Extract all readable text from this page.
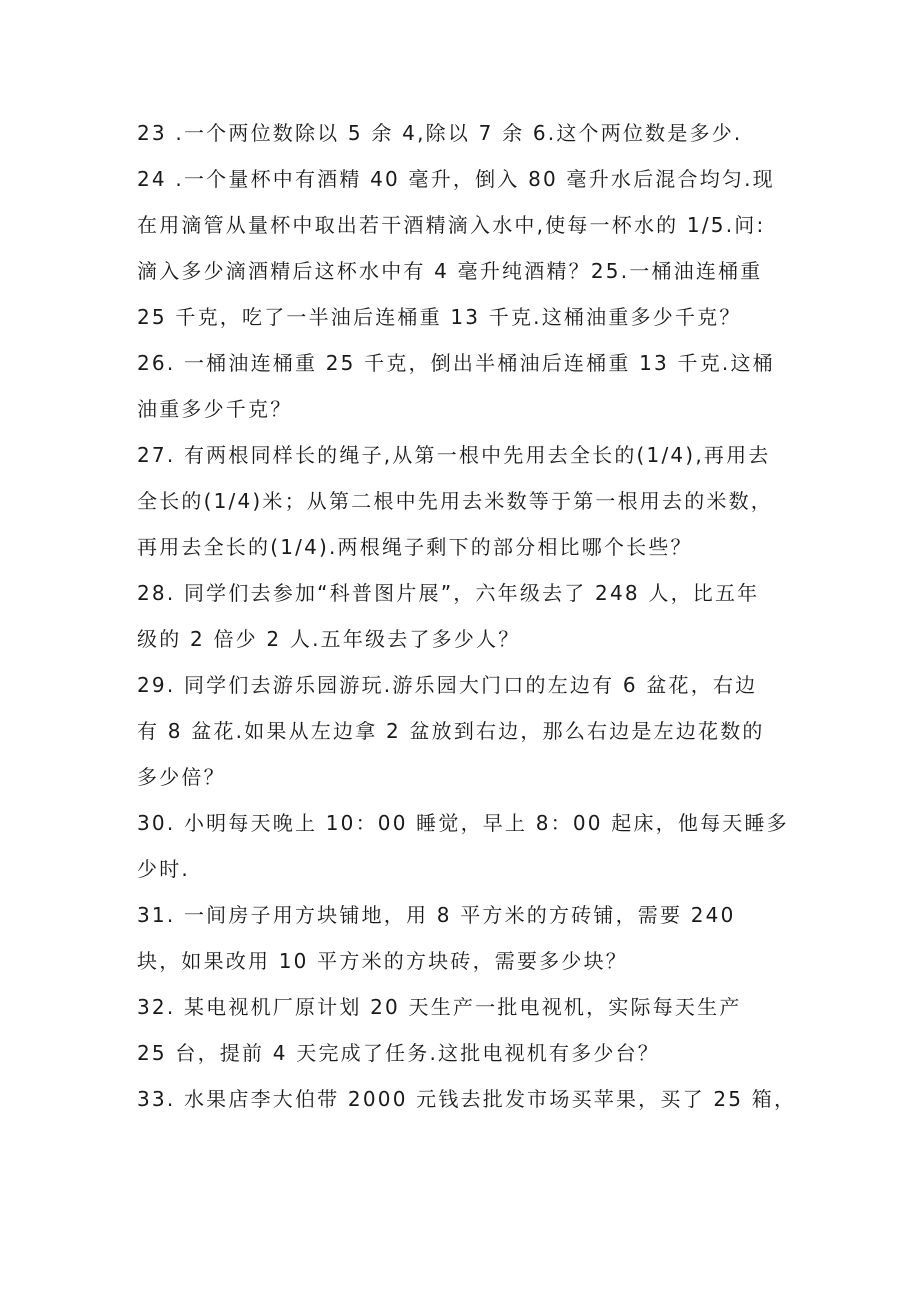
23 .一个两位数除以 5 余 4,除以 7 余 6.这个两位数是多少.
24 .一个量杯中有酒精 40 毫升，倒入 80 毫升水后混合均匀.现
在用滴管从量杯中取出若干酒精滴入水中,使每一杯水的 1/5.问:
滴入多少滴酒精后这杯水中有 4 毫升纯酒精？25.一桶油连桶重
25 千克，吃了一半油后连桶重 13 千克.这桶油重多少千克？
26. 一桶油连桶重 25 千克，倒出半桶油后连桶重 13 千克.这桶
油重多少千克？
27. 有两根同样长的绳子,从第一根中先用去全长的(1/4),再用去
全长的(1/4)米；从第二根中先用去米数等于第一根用去的米数，
再用去全长的(1/4).两根绳子剩下的部分相比哪个长些？
28. 同学们去参加“科普图片展”，六年级去了 248 人，比五年
级的 2 倍少 2 人.五年级去了多少人？
29. 同学们去游乐园游玩.游乐园大门口的左边有 6 盆花，右边
有 8 盆花.如果从左边拿 2 盆放到右边，那么右边是左边花数的
多少倍？
30. 小明每天晚上 10：00 睡觉，早上 8：00 起床，他每天睡多
少时.
31. 一间房子用方块铺地，用 8 平方米的方砖铺，需要 240
块，如果改用 10 平方米的方块砖，需要多少块？
32. 某电视机厂原计划 20 天生产一批电视机，实际每天生产
25 台，提前 4 天完成了任务.这批电视机有多少台？
33. 水果店李大伯带 2000 元钱去批发市场买苹果，买了 25 箱，
